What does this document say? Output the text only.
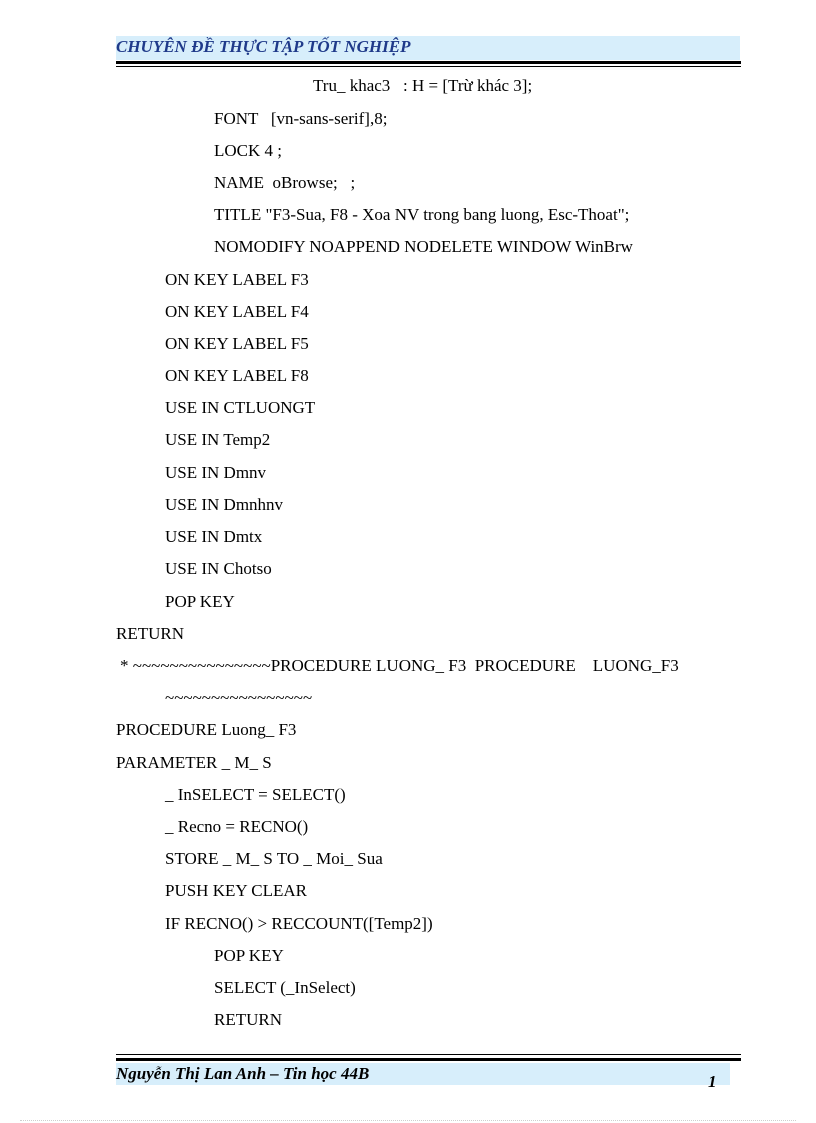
CHUYÊN ĐỀ THỰC TẬP TỐT NGHIỆP
Tru_ khac3   : H = [Trừ khác 3];
FONT   [vn-sans-serif],8;
LOCK 4 ;
NAME  oBrowse;   ;
TITLE "F3-Sua, F8 - Xoa NV trong bang luong, Esc-Thoat";
NOMODIFY NOAPPEND NODELETE WINDOW WinBrw
ON KEY LABEL F3
ON KEY LABEL F4
ON KEY LABEL F5
ON KEY LABEL F8
USE IN CTLUONGT
USE IN Temp2
USE IN Dmnv
USE IN Dmnhnv
USE IN Dmtx
USE IN Chotso
POP KEY
RETURN
* ~~~~~~~~~~~~~~~PROCEDURE LUONG_ F3  PROCEDURE    LUONG_F3
~~~~~~~~~~~~~~~~
PROCEDURE Luong_ F3
PARAMETER _ M_ S
_ InSELECT = SELECT()
_ Recno = RECNO()
STORE _ M_ S TO _ Moi_ Sua
PUSH KEY CLEAR
IF RECNO() > RECCOUNT([Temp2])
POP KEY
SELECT (_InSelect)
RETURN
Nguyễn Thị Lan Anh – Tin học 44B	1
